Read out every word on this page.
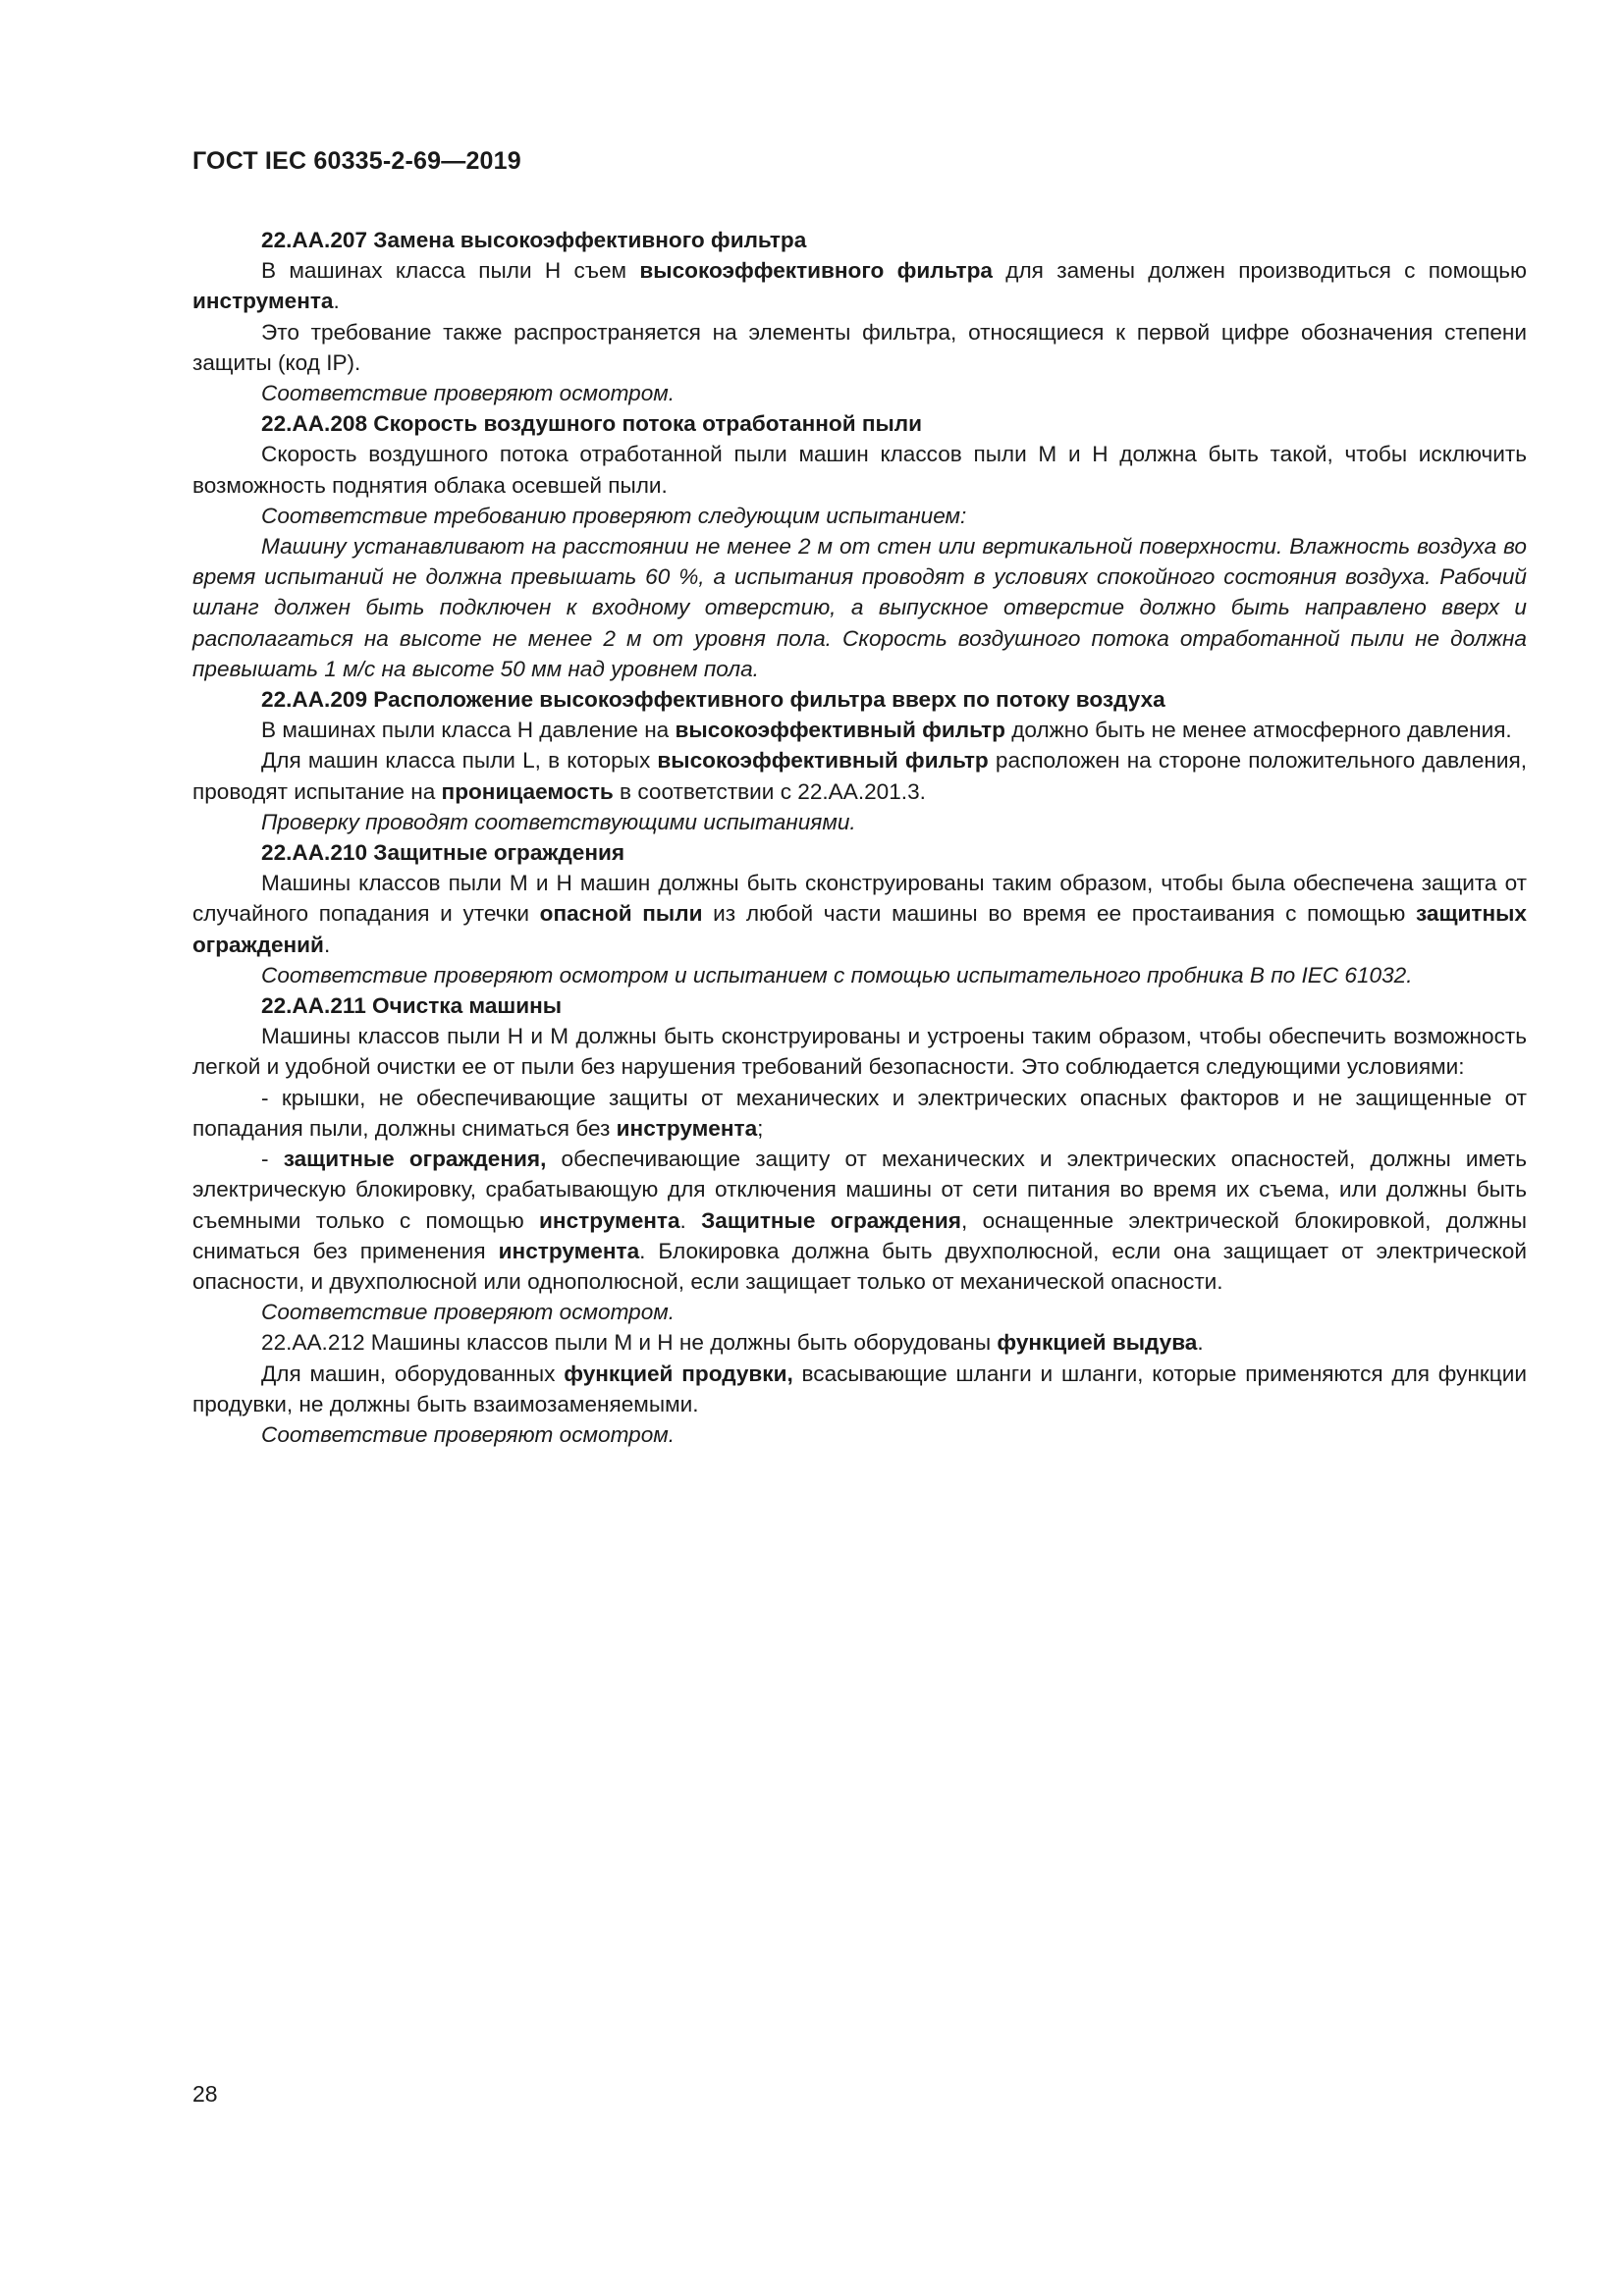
ГОСТ IEC 60335-2-69—2019

22.AA.207 Замена высокоэффективного фильтра

В машинах класса пыли Н съем высокоэффективного фильтра для замены должен производиться с помощью инструмента.

Это требование также распространяется на элементы фильтра, относящиеся к первой цифре обозначения степени защиты (код IP).

Соответствие проверяют осмотром.

22.AA.208 Скорость воздушного потока отработанной пыли

Скорость воздушного потока отработанной пыли машин классов пыли М и Н должна быть такой, чтобы исключить возможность поднятия облака осевшей пыли.

Соответствие требованию проверяют следующим испытанием:

Машину устанавливают на расстоянии не менее 2 м от стен или вертикальной поверхности. Влажность воздуха во время испытаний не должна превышать 60 %, а испытания проводят в условиях спокойного состояния воздуха. Рабочий шланг должен быть подключен к входному отверстию, а выпускное отверстие должно быть направлено вверх и располагаться на высоте не менее 2 м от уровня пола. Скорость воздушного потока отработанной пыли не должна превышать 1 м/с на высоте 50 мм над уровнем пола.

22.AA.209 Расположение высокоэффективного фильтра вверх по потоку воздуха

В машинах пыли класса Н давление на высокоэффективный фильтр должно быть не менее атмосферного давления.

Для машин класса пыли L, в которых высокоэффективный фильтр расположен на стороне положительного давления, проводят испытание на проницаемость в соответствии с 22.AA.201.3.

Проверку проводят соответствующими испытаниями.

22.AA.210 Защитные ограждения

Машины классов пыли М и Н машин должны быть сконструированы таким образом, чтобы была обеспечена защита от случайного попадания и утечки опасной пыли из любой части машины во время ее простаивания с помощью защитных ограждений.

Соответствие проверяют осмотром и испытанием с помощью испытательного пробника В по IEC 61032.

22.AA.211 Очистка машины

Машины классов пыли Н и М должны быть сконструированы и устроены таким образом, чтобы обеспечить возможность легкой и удобной очистки ее от пыли без нарушения требований безопасности. Это соблюдается следующими условиями:

- крышки, не обеспечивающие защиты от механических и электрических опасных факторов и не защищенные от попадания пыли, должны сниматься без инструмента;

- защитные ограждения, обеспечивающие защиту от механических и электрических опасностей, должны иметь электрическую блокировку, срабатывающую для отключения машины от сети питания во время их съема, или должны быть съемными только с помощью инструмента. Защитные ограждения, оснащенные электрической блокировкой, должны сниматься без применения инструмента. Блокировка должна быть двухполюсной, если она защищает от электрической опасности, и двухполюсной или однополюсной, если защищает только от механической опасности.

Соответствие проверяют осмотром.

22.AA.212 Машины классов пыли М и Н не должны быть оборудованы функцией выдува.

Для машин, оборудованных функцией продувки, всасывающие шланги и шланги, которые применяются для функции продувки, не должны быть взаимозаменяемыми.

Соответствие проверяют осмотром.

28
